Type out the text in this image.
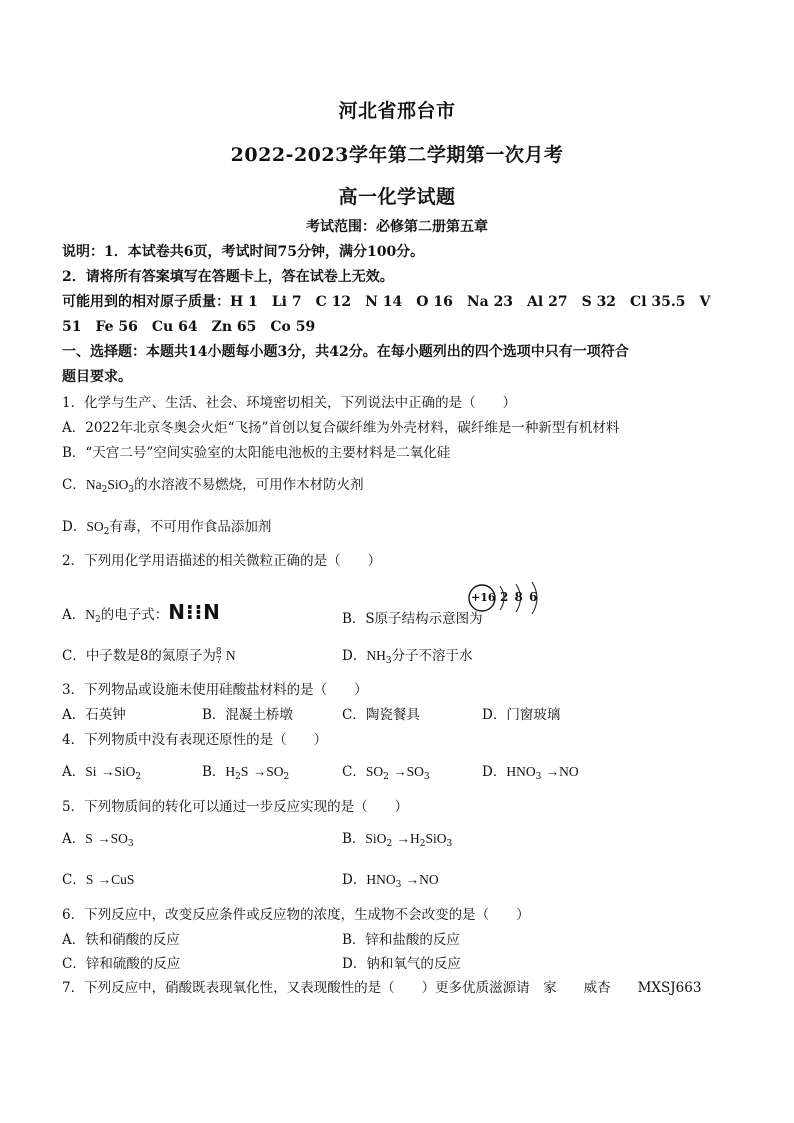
河北省邢台市
2022-2023学年第二学期第一次月考
高一化学试题
考试范围：必修第二册第五章
说明：1．本试卷共6页，考试时间75分钟，满分100分。
2．请将所有答案填写在答题卡上，答在试卷上无效。
可能用到的相对原子质量：H 1　Li 7　C 12　N 14　O 16　Na 23　Al 27　S 32　Cl 35.5　V
51　Fe 56　Cu 64　Zn 65　Co 59
一、选择题：本题共14小题每小题3分，共42分。在每小题列出的四个选项中只有一项符合
题目要求。
1．化学与生产、生活、社会、环境密切相关，下列说法中正确的是（　　）
A．2022年北京冬奥会火炬“飞扬”首创以复合碳纤维为外壳材料，碳纤维是一种新型有机材料
B．“天宫二号”空间实验室的太阳能电池板的主要材料是二氧化硅
C．$Na_2SiO_3$的水溶液不易燃烧，可用作木材防火剂
D．$SO_2$有毒，不可用作食品添加剂
2．下列用化学用语描述的相关微粒正确的是（　　）
A．$N_2$的电子式：N⁝⁝N	B．S原子结构示意图为
+16 2 8 6
C．中子数是8的氮原子为 8
7 N	D．$NH_3$分子不溶于水
3．下列物品或设施未使用硅酸盐材料的是（　　）
A．石英钟	B．混凝土桥墩	C．陶瓷餐具	D．门窗玻璃
4．下列物质中没有表现还原性的是（　　）
A．Si →SiO$_2$	B．$H_2S \to SO_2$	C．$SO_2 \to SO_3$	D．$HNO_3 \to NO$
5．下列物质间的转化可以通过一步反应实现的是（　　）
A．$S \to SO_3$	B．$SiO_2 \to H_2SiO_3$
C．S →CuS	D．$HNO_3 \to NO$
6．下列反应中，改变反应条件或反应物的浓度，生成物不会改变的是（　　）
A．铁和硝酸的反应	B．锌和盐酸的反应
C．锌和硫酸的反应	D．钠和氧气的反应
7．下列反应中，硝酸既表现氧化性，又表现酸性的是（　　）更多优质滋源请　家　　威杏　　MXSJ663
